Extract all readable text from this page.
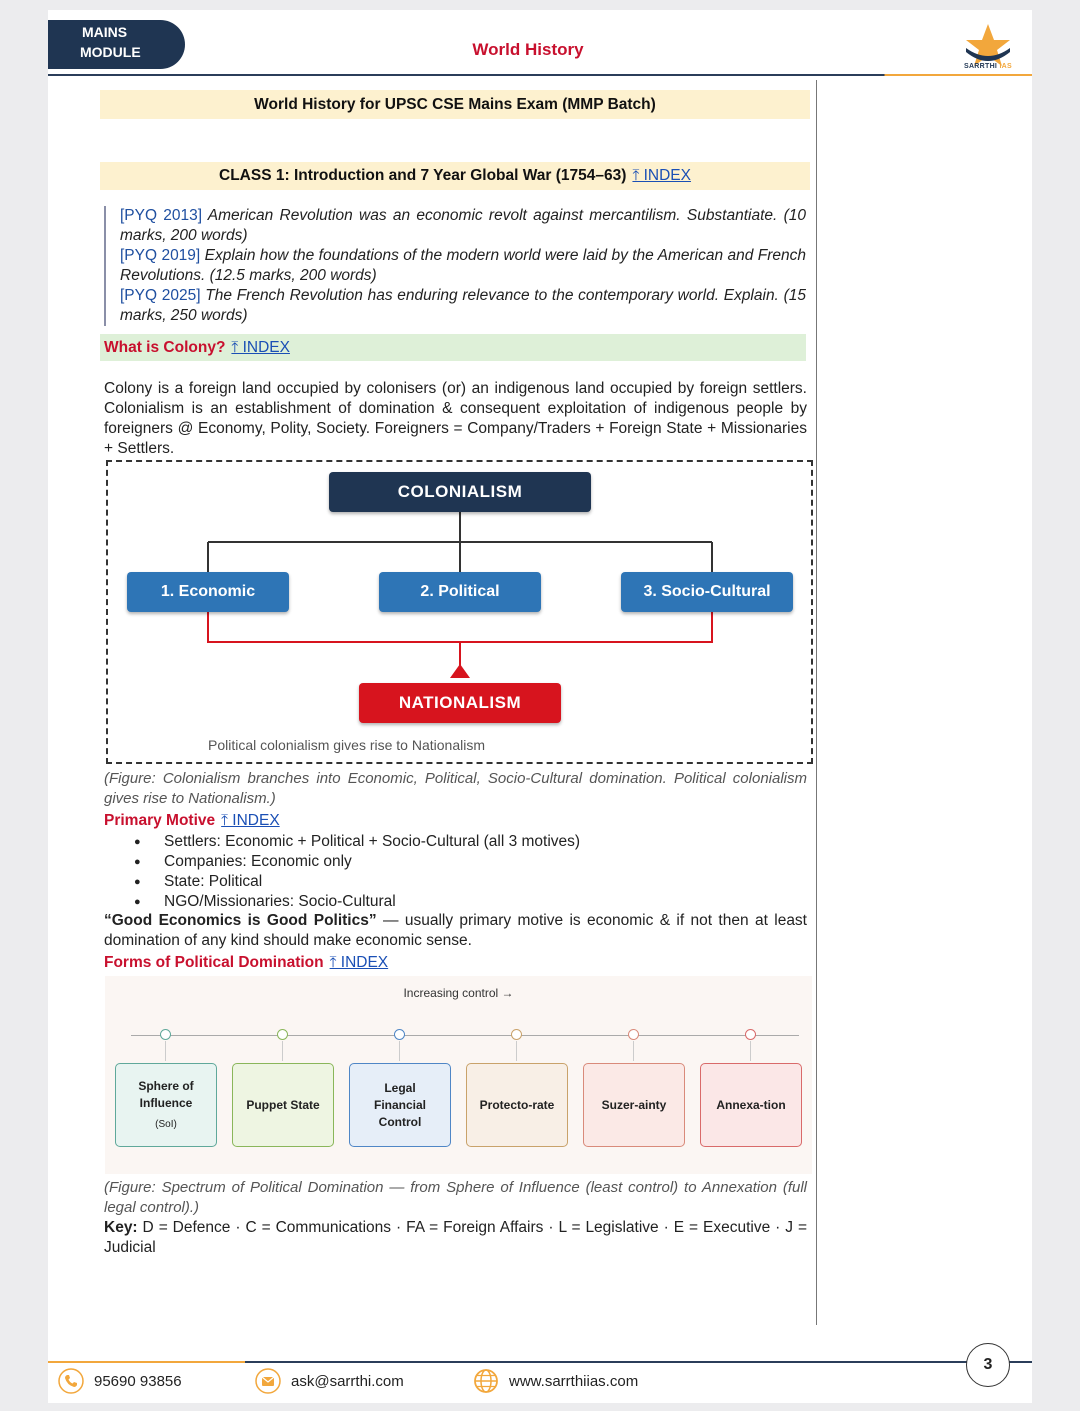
MAINS
MODULE	World History
SARRTHI IAS
World History for UPSC CSE Mains Exam (MMP Batch)
CLASS 1: Introduction and 7 Year Global War (1754–63) ⤒ INDEX
[PYQ 2013] American Revolution was an economic revolt against mercantilism. Substantiate. (10 marks, 200 words)
[PYQ 2019] Explain how the foundations of the modern world were laid by the American and French Revolutions. (12.5 marks, 200 words)
[PYQ 2025] The French Revolution has enduring relevance to the contemporary world. Explain. (15 marks, 250 words)
What is Colony? ⤒ INDEX
Colony is a foreign land occupied by colonisers (or) an indigenous land occupied by foreign settlers. Colonialism is an establishment of domination & consequent exploitation of indigenous people by foreigners @ Economy, Polity, Society. Foreigners = Company/Traders + Foreign State + Missionaries + Settlers.
COLONIALISM
1. Economic	2. Political	3. Socio-Cultural
NATIONALISM
Political colonialism gives rise to Nationalism
(Figure: Colonialism branches into Economic, Political, Socio-Cultural domination. Political colonialism gives rise to Nationalism.)
Primary Motive ⤒ INDEX
● Settlers: Economic + Political + Socio-Cultural (all 3 motives)
● Companies: Economic only
● State: Political
● NGO/Missionaries: Socio-Cultural
“Good Economics is Good Politics” — usually primary motive is economic & if not then at least domination of any kind should make economic sense.
Forms of Political Domination ⤒ INDEX
Increasing control →
Sphere of Influence
(SoI)
Puppet State
Legal Financial Control
Protecto-rate	Suzer-ainty	Annexa-tion
(Figure: Spectrum of Political Domination — from Sphere of Influence (least control) to Annexation (full legal control).)
Key: D = Defence · C = Communications · FA = Foreign Affairs · L = Legislative · E = Executive · J = Judicial
95690 93856	ask@sarrthi.com	www.sarrthiias.com
3
